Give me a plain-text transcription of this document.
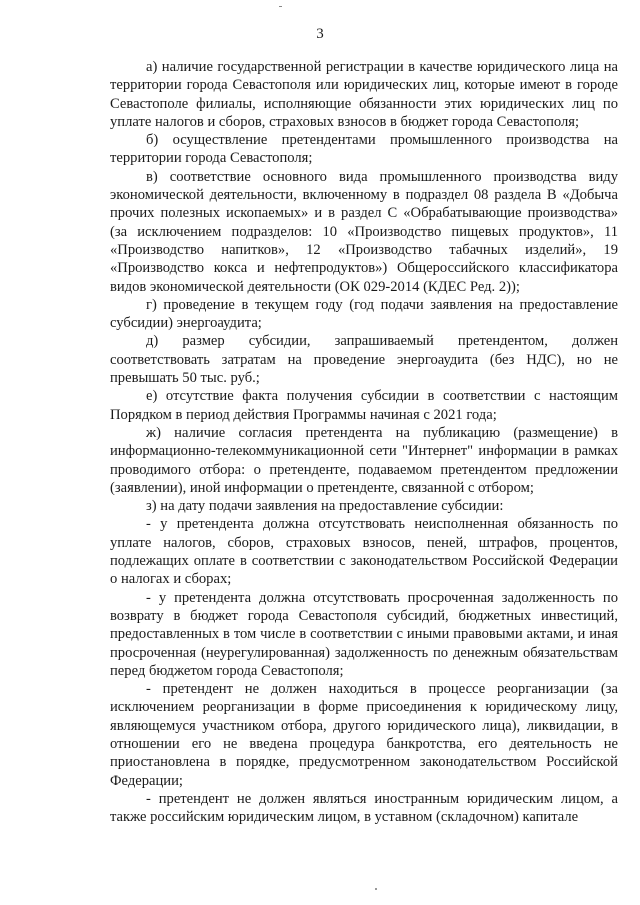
3

а) наличие государственной регистрации в качестве юридического лица на территории города Севастополя или юридических лиц, которые имеют в городе Севастополе филиалы, исполняющие обязанности этих юридических лиц по уплате налогов и сборов, страховых взносов в бюджет города Севастополя;

б) осуществление претендентами промышленного производства на территории города Севастополя;

в) соответствие основного вида промышленного производства виду экономической деятельности, включенному в подраздел 08 раздела В «Добыча прочих полезных ископаемых» и в раздел С «Обрабатывающие производства» (за исключением подразделов: 10 «Производство пищевых продуктов», 11 «Производство напитков», 12 «Производство табачных изделий», 19 «Производство кокса и нефтепродуктов») Общероссийского классификатора видов экономической деятельности (ОК 029-2014 (КДЕС Ред. 2));

г) проведение в текущем году (год подачи заявления на предоставление субсидии) энергоаудита;

д) размер субсидии, запрашиваемый претендентом, должен соответствовать затратам на проведение энергоаудита (без НДС), но не превышать 50 тыс. руб.;

е) отсутствие факта получения субсидии в соответствии с настоящим Порядком в период действия Программы начиная с 2021 года;

ж) наличие согласия претендента на публикацию (размещение) в информационно-телекоммуникационной сети "Интернет" информации в рамках проводимого отбора: о претенденте, подаваемом претендентом предложении (заявлении), иной информации о претенденте, связанной с отбором;

з) на дату подачи заявления на предоставление субсидии:

- у претендента должна отсутствовать неисполненная обязанность по уплате налогов, сборов, страховых взносов, пеней, штрафов, процентов, подлежащих оплате в соответствии с законодательством Российской Федерации о налогах и сборах;

- у претендента должна отсутствовать просроченная задолженность по возврату в бюджет города Севастополя субсидий, бюджетных инвестиций, предоставленных в том числе в соответствии с иными правовыми актами, и иная просроченная (неурегулированная) задолженность по денежным обязательствам перед бюджетом города Севастополя;

- претендент не должен находиться в процессе реорганизации (за исключением реорганизации в форме присоединения к юридическому лицу, являющемуся участником отбора, другого юридического лица), ликвидации, в отношении его не введена процедура банкротства, его деятельность не приостановлена в порядке, предусмотренном законодательством Российской Федерации;

- претендент не должен являться иностранным юридическим лицом, а также российским юридическим лицом, в уставном (складочном) капитале
